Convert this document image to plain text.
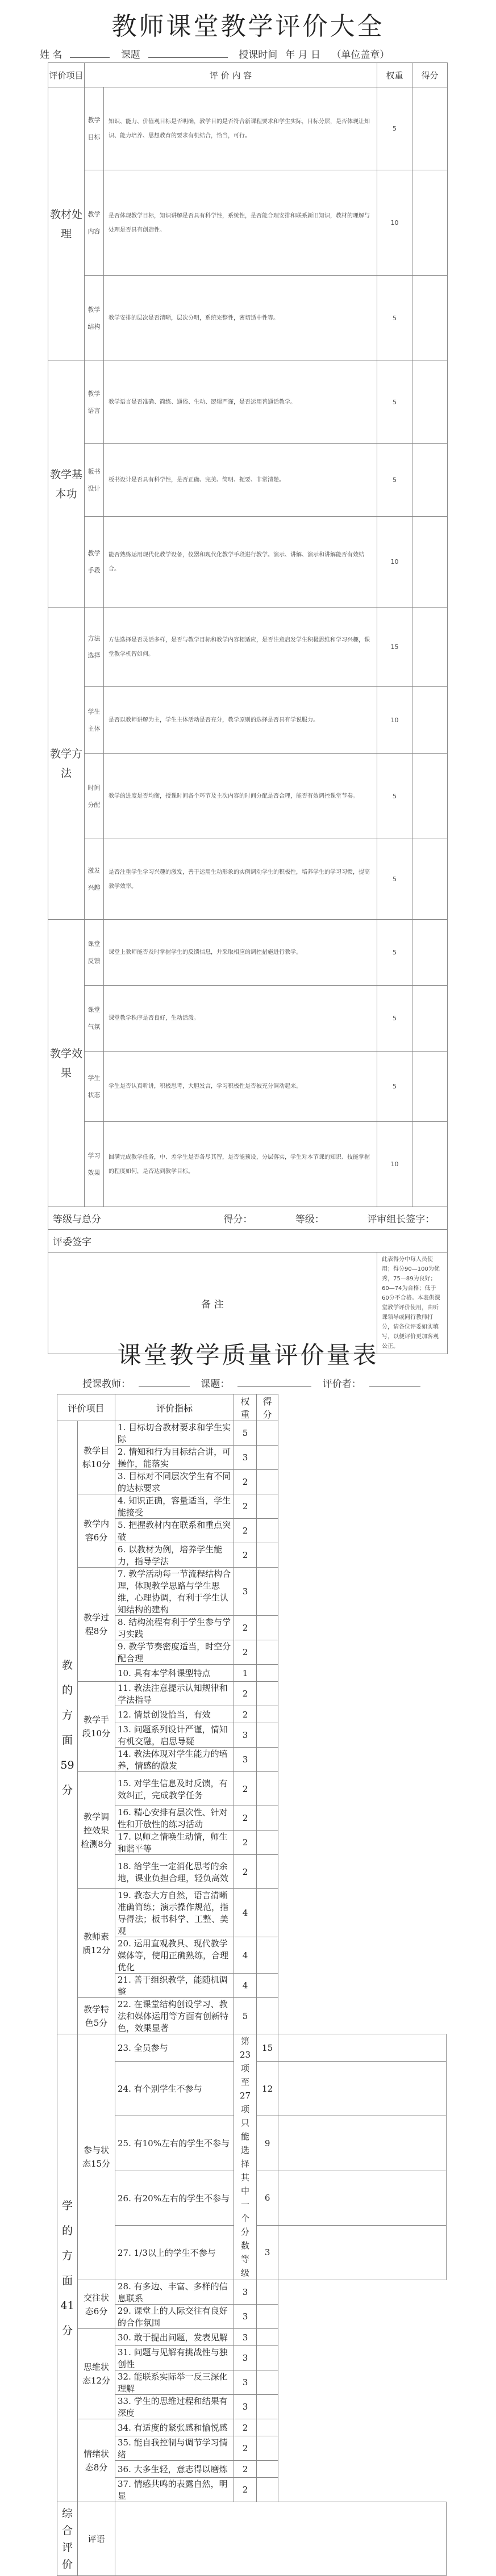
教师课堂教学评价大全
姓 名	课题	授课时间 年 月 日 （单位盖章）
评价项目	评 价 内 容		权重	得分
教材处理	教学目标	知识、能力、价值观目标是否明确，教学目的是否符合新课程要求和学生实际，目标分层，是否体现让知识、能力培养、思想教育的要求有机结合，恰当，可行。	5	
	教学内容	是否体现教学目标，知识讲解是否具有科学性，系统性，是否能合理安排和联系新旧知识，教材的理解与处理是否具有创造性。	10	
	教学结构	教学安排的层次是否清晰，层次分明，系统完整性，密切适中性等。	5	
教学基本功	教学语言	教学语言是否准确、简练、通俗、生动、逻辑严谨，是否运用普通话教学。	5	
	板书设计	板书设计是否具有科学性，是否正确、完美、简明、扼要、非常清楚。	5	
	教学手段	能否熟练运用现代化教学设备，仪器和现代化教学手段进行教学。演示、讲解、演示和讲解能否有效结合。	10	
教学方法	方法选择	方法选择是否灵活多样，是否与教学目标和教学内容相适应，是否注意启发学生积极思维和学习兴趣，课堂教学机智如何。	15	
	学生主体	是否以教师讲解为主，学生主体活动是否充分，教学原则的选择是否具有学说服力。	10	
	时间分配	教学的进度是否均衡，授课时间各个环节及主次内容的时间分配是否合理，能否有效调控课堂节奏。	5	
	激发兴趣	是否注重学生学习兴趣的激发，善于运用生动形象的实例调动学生的积极性，培养学生的学习习惯，提高教学效率。	5	
教学效果	课堂反馈	课堂上教师能否及时掌握学生的反馈信息，并采取相应的调控措施进行教学。	5	
	课堂气氛	课堂教学秩序是否良好，生动活泼。	5	
	学生状态	学生是否认真听讲，积极思考，大胆发言，学习积极性是否被充分调动起来。	5	
	学习效果	圆满完成教学任务，中、差学生是否各尽其智，是否能预设，分层落实，学生对本节课的知识、技能掌握的程度如何，是否达到教学目标。	10	
等级与总分 得分： 等级： 评审组长签字：				
评委签字				
备 注			此表得分中每人员使用；得分90—100为优秀，75—89为良好；60—74为合格；低于60分不合格。本表供课堂教学评价使用，由听课领导或同行教师打分，请各位评委如实填写，以便评价更加客观公正。	
课堂教学质量评价量表
授课教师：	课题：	评价者：
评价项目		评价指标	权重	得分	
教的方面59分	教学目标10分	1. 目标切合教材要求和学生实际	5		
		2. 情知和行为目标结合讲，可操作，能落实	3		
		3. 目标对不同层次学生有不同的达标要求	2		
	教学内容6分	4. 知识正确，容量适当，学生能接受	2		
		5. 把握教材内在联系和重点突破	2		
		6. 以教材为例，培养学生能力，指导学法	2		
	教学过程8分	7. 教学活动每一节流程结构合理，体现教学思路与学生思维，心理协调，有利于学生认知结构的建构	3		
		8. 结构流程有利于学生参与学习实践	2		
		9. 教学节奏密度适当，时空分配合理	2		
		10. 具有本学科课型特点	1		
	教学手段10分	11. 教法注意提示认知规律和学法指导	2		
		12. 情景创设恰当，有效	2		
		13. 问题系列设计严谨，情知有机交融，启思导疑	3		
		14. 教法体现对学生能力的培养，情感的激发	3		
	教学调控效果检测8分	15. 对学生信息及时反馈，有效纠正，完成教学任务	2		
		16. 精心安排有层次性、针对性和开放性的练习活动	2		
		17. 以师之情唤生动情，师生和谐平等	2		
		18. 给学生一定消化思考的余地，课业负担合理，轻负高效	2		
	教师素质12分	19. 教态大方自然，语言清晰准确简练；演示操作规范，指导得法；板书科学、工整、美观	4		
		20. 运用直观教具、现代教学媒体等，使用正确熟练，合理优化	4		
		21. 善于组织教学，能随机调整	4		
	教学特色5分	22. 在课堂结构创设学习、教法和媒体运用等方面有创新特色，效果显著	5		
学的方面41分	参与状态15分	23. 全员参与	第23项至27项只能选择其中一个分数等级	15	
		24. 有个别学生不参与		12	
		25. 有10%左右的学生不参与		9	
		26. 有20%左右的学生不参与		6	
		27. 1/3以上的学生不参与		3	
	交往状态6分	28. 有多边、丰富、多样的信息联系	3		
		29. 课堂上的人际交往有良好的合作氛围	3		
	思维状态12分	30. 敢于提出问题，发表见解	3		
		31. 问题与见解有挑战性与独创性	3		
		32. 能联系实际举一反三深化理解	3		
		33. 学生的思维过程和结果有深度	3		
	情绪状态8分	34. 有适度的紧张感和愉悦感	2		
		35. 能自我控制与调节学习情绪	2		
		36. 大多生轻，意志得以磨炼	2		
		37. 情感共鸣的表露自然，明显	2		
综合评价	评语				
